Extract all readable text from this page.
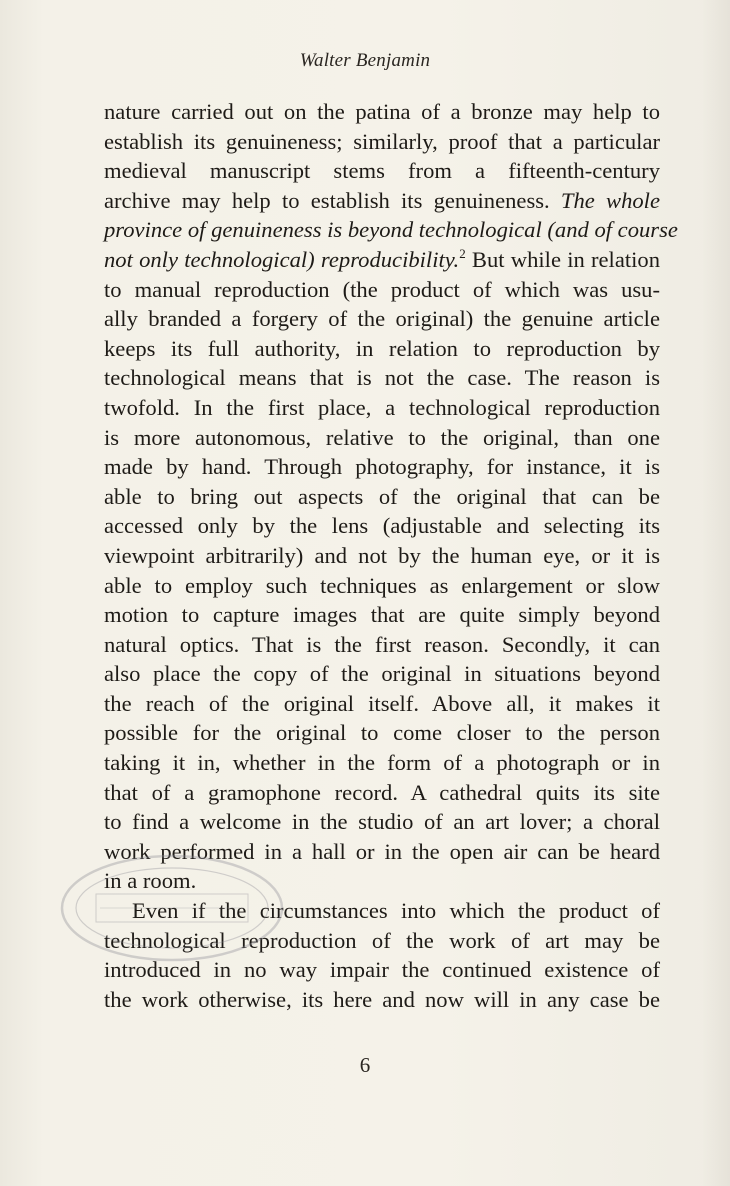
Walter Benjamin
nature carried out on the patina of a bronze may help to
establish its genuineness; similarly, proof that a particular
medieval manuscript stems from a fifteenth-century
archive may help to establish its genuineness. The whole
province of genuineness is beyond technological (and of course
not only technological) reproducibility.$^2$ But while in relation
to manual reproduction (the product of which was usu-
ally branded a forgery of the original) the genuine article
keeps its full authority, in relation to reproduction by
technological means that is not the case. The reason is
twofold. In the first place, a technological reproduction
is more autonomous, relative to the original, than one
made by hand. Through photography, for instance, it is
able to bring out aspects of the original that can be
accessed only by the lens (adjustable and selecting its
viewpoint arbitrarily) and not by the human eye, or it is
able to employ such techniques as enlargement or slow
motion to capture images that are quite simply beyond
natural optics. That is the first reason. Secondly, it can
also place the copy of the original in situations beyond
the reach of the original itself. Above all, it makes it
possible for the original to come closer to the person
taking it in, whether in the form of a photograph or in
that of a gramophone record. A cathedral quits its site
to find a welcome in the studio of an art lover; a choral
work performed in a hall or in the open air can be heard
in a room.
Even if the circumstances into which the product of
technological reproduction of the work of art may be
introduced in no way impair the continued existence of
the work otherwise, its here and now will in any case be
6
